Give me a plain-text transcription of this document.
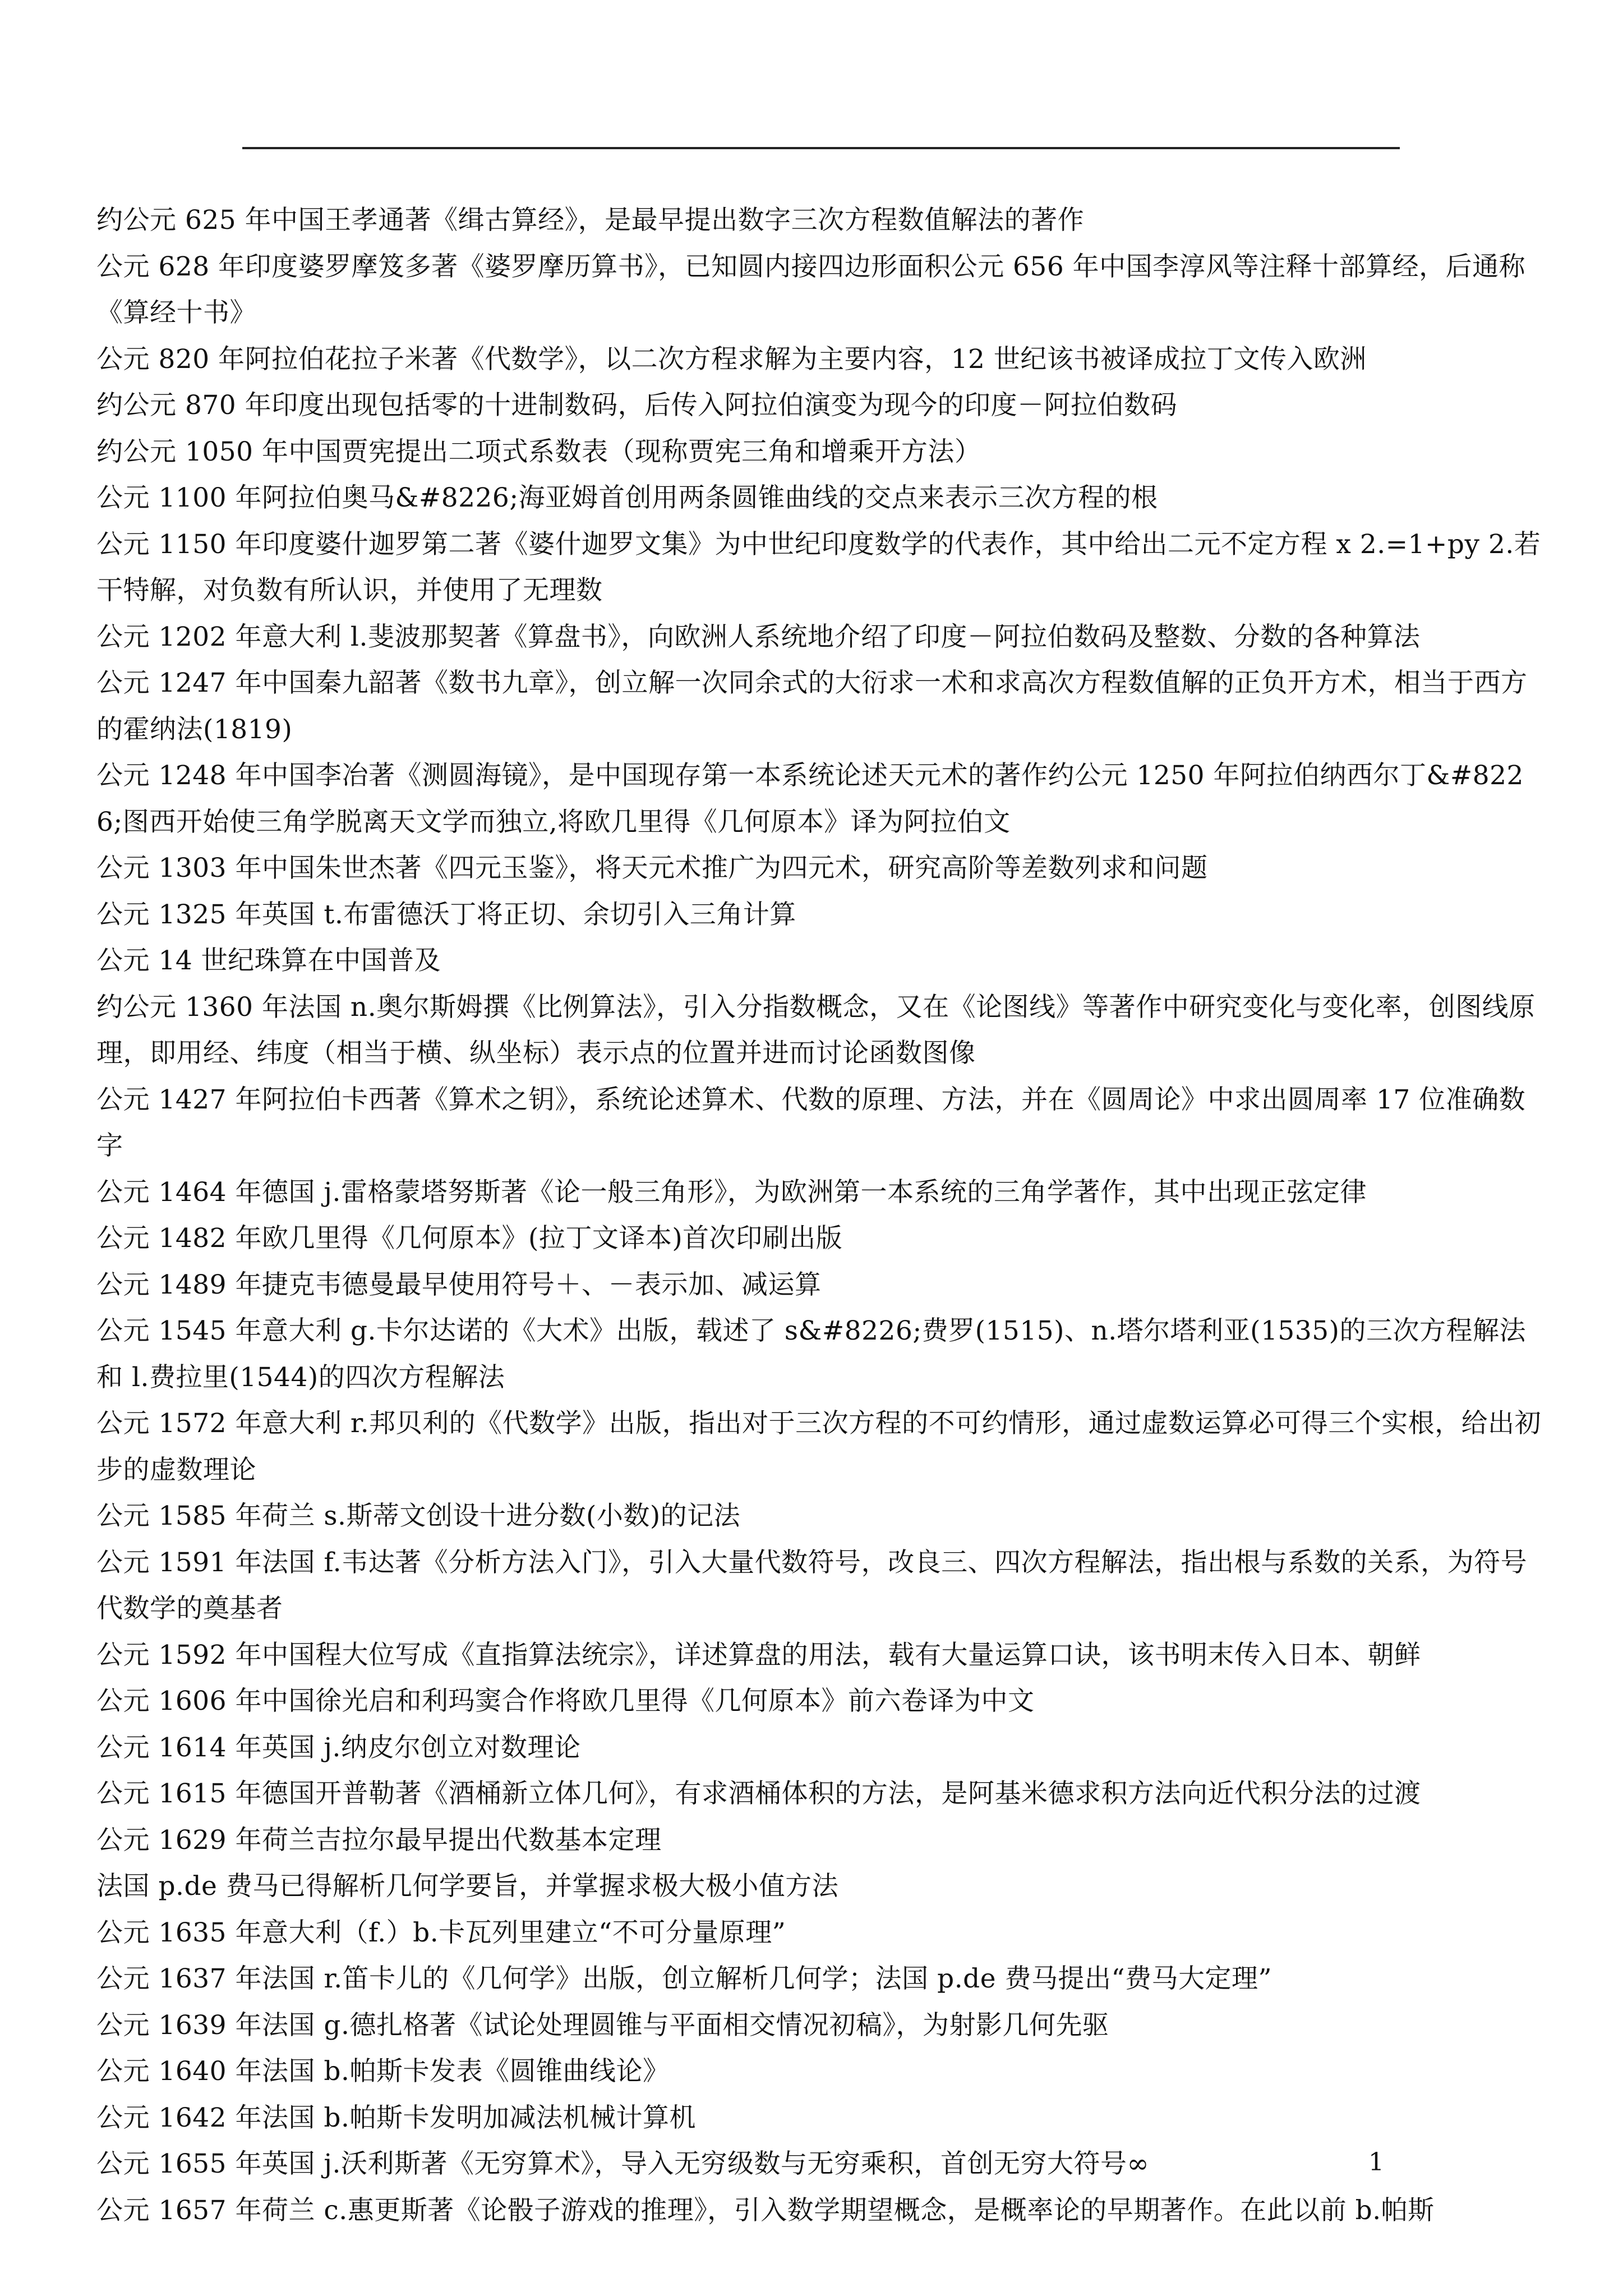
约公元 625 年中国王孝通著《缉古算经》，是最早提出数字三次方程数值解法的著作

公元 628 年印度婆罗摩笈多著《婆罗摩历算书》，已知圆内接四边形面积公元 656 年中国李淳风等注释十部算经，后通称《算经十书》

公元 820 年阿拉伯花拉子米著《代数学》，以二次方程求解为主要内容，12 世纪该书被译成拉丁文传入欧洲

约公元 870 年印度出现包括零的十进制数码，后传入阿拉伯演变为现今的印度－阿拉伯数码

约公元 1050 年中国贾宪提出二项式系数表（现称贾宪三角和增乘开方法）

公元 1100 年阿拉伯奥马&#8226;海亚姆首创用两条圆锥曲线的交点来表示三次方程的根

公元 1150 年印度婆什迦罗第二著《婆什迦罗文集》为中世纪印度数学的代表作，其中给出二元不定方程 x 2.=1+py 2.若干特解，对负数有所认识，并使用了无理数

公元 1202 年意大利 l.斐波那契著《算盘书》，向欧洲人系统地介绍了印度－阿拉伯数码及整数、分数的各种算法

公元 1247 年中国秦九韶著《数书九章》，创立解一次同余式的大衍求一术和求高次方程数值解的正负开方术，相当于西方的霍纳法(1819)

公元 1248 年中国李冶著《测圆海镜》，是中国现存第一本系统论述天元术的著作约公元 1250 年阿拉伯纳西尔丁&#8226;图西开始使三角学脱离天文学而独立,将欧几里得《几何原本》译为阿拉伯文

公元 1303 年中国朱世杰著《四元玉鉴》，将天元术推广为四元术，研究高阶等差数列求和问题

公元 1325 年英国 t.布雷德沃丁将正切、余切引入三角计算

公元 14 世纪珠算在中国普及

约公元 1360 年法国 n.奥尔斯姆撰《比例算法》，引入分指数概念，又在《论图线》等著作中研究变化与变化率，创图线原理，即用经、纬度（相当于横、纵坐标）表示点的位置并进而讨论函数图像

公元 1427 年阿拉伯卡西著《算术之钥》，系统论述算术、代数的原理、方法，并在《圆周论》中求出圆周率 17 位准确数字

公元 1464 年德国 j.雷格蒙塔努斯著《论一般三角形》，为欧洲第一本系统的三角学著作，其中出现正弦定律

公元 1482 年欧几里得《几何原本》(拉丁文译本)首次印刷出版

公元 1489 年捷克韦德曼最早使用符号＋、－表示加、减运算

公元 1545 年意大利 g.卡尔达诺的《大术》出版，载述了 s&#8226;费罗(1515)、n.塔尔塔利亚(1535)的三次方程解法和 l.费拉里(1544)的四次方程解法

公元 1572 年意大利 r.邦贝利的《代数学》出版，指出对于三次方程的不可约情形，通过虚数运算必可得三个实根，给出初步的虚数理论

公元 1585 年荷兰 s.斯蒂文创设十进分数(小数)的记法

公元 1591 年法国 f.韦达著《分析方法入门》，引入大量代数符号，改良三、四次方程解法，指出根与系数的关系，为符号代数学的奠基者

公元 1592 年中国程大位写成《直指算法统宗》，详述算盘的用法，载有大量运算口诀，该书明末传入日本、朝鲜

公元 1606 年中国徐光启和利玛窦合作将欧几里得《几何原本》前六卷译为中文

公元 1614 年英国 j.纳皮尔创立对数理论

公元 1615 年德国开普勒著《酒桶新立体几何》，有求酒桶体积的方法，是阿基米德求积方法向近代积分法的过渡

公元 1629 年荷兰吉拉尔最早提出代数基本定理

法国 p.de 费马已得解析几何学要旨，并掌握求极大极小值方法

公元 1635 年意大利（f.）b.卡瓦列里建立“不可分量原理”

公元 1637 年法国 r.笛卡儿的《几何学》出版，创立解析几何学；法国 p.de 费马提出“费马大定理”

公元 1639 年法国 g.德扎格著《试论处理圆锥与平面相交情况初稿》，为射影几何先驱

公元 1640 年法国 b.帕斯卡发表《圆锥曲线论》

公元 1642 年法国 b.帕斯卡发明加减法机械计算机

公元 1655 年英国 j.沃利斯著《无穷算术》，导入无穷级数与无穷乘积，首创无穷大符号∞

公元 1657 年荷兰 c.惠更斯著《论骰子游戏的推理》，引入数学期望概念，是概率论的早期著作。在此以前 b.帕斯

1
